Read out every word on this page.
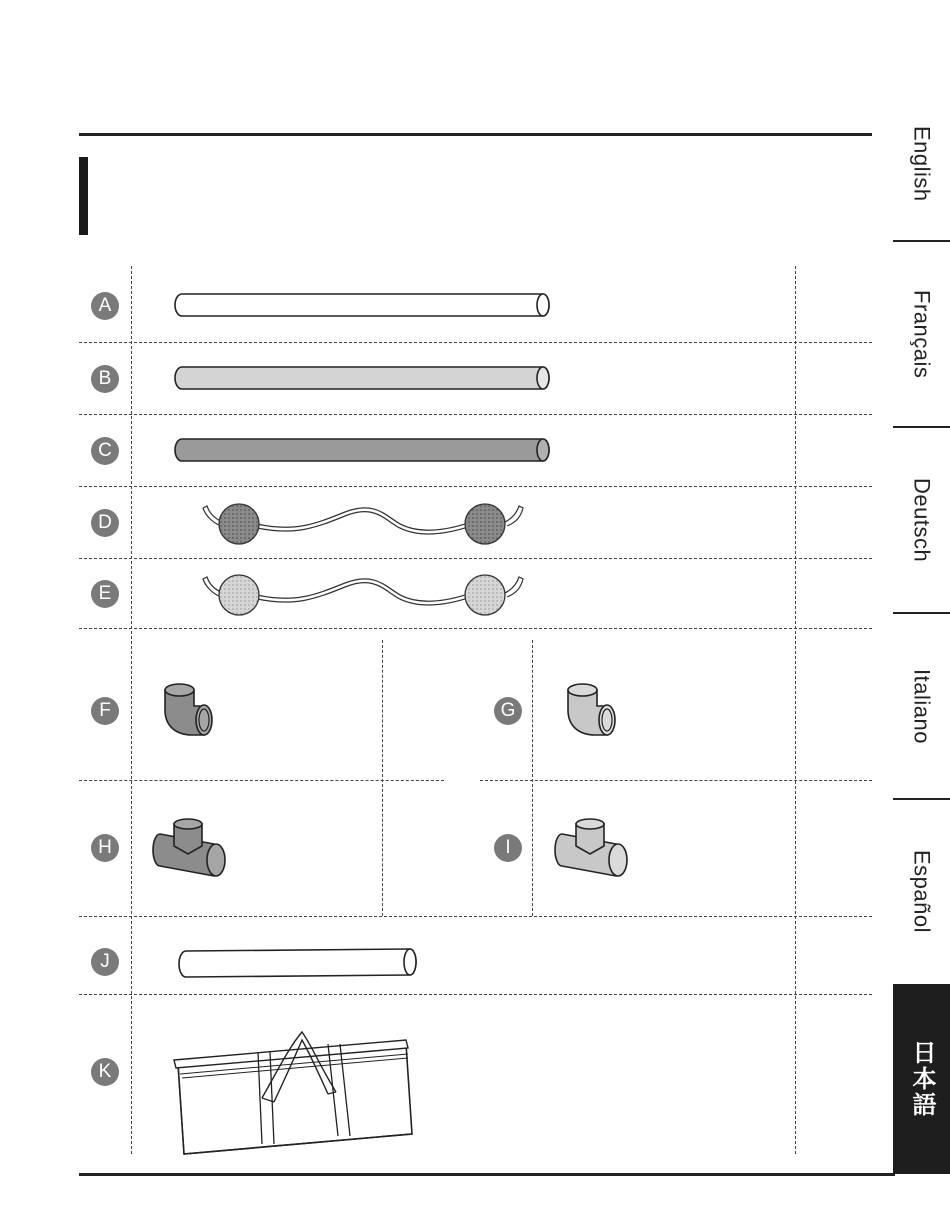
English
Français
Deutsch
Italiano
Español
日本語
A
B
C
D
E
F	G
H	I
J
K
